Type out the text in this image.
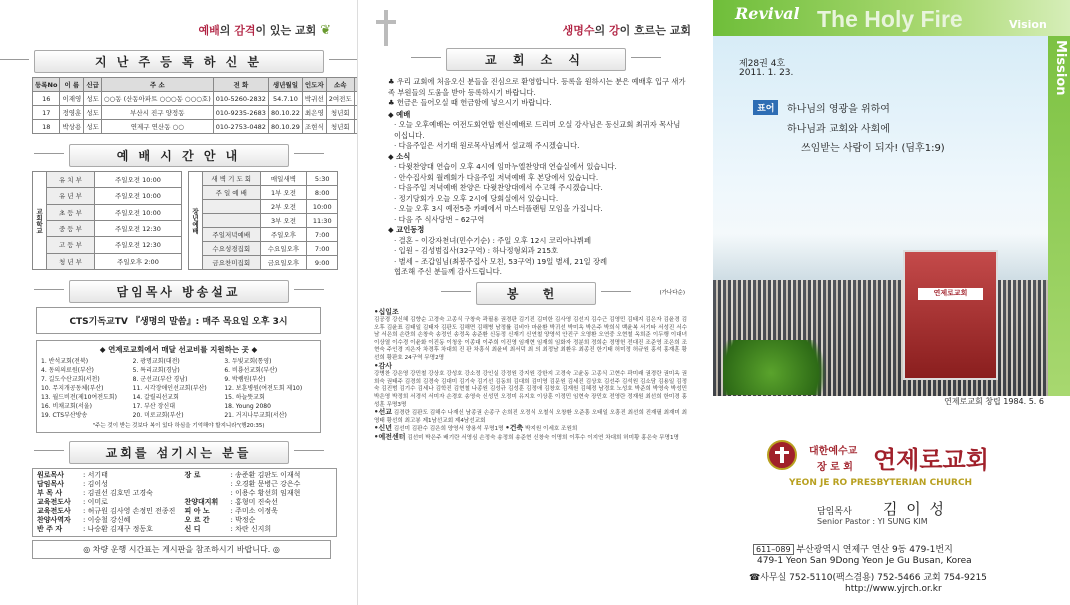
예배의 감격이 있는 교회 ❦
지 난 주 등 록 하 신 분
등록No	이 름	신급	주 소	전 화	생년월일	인도자	소속	
16	이재영	성도	○○동 (산동아파트 ○○○동 ○○○호)	010-5260-2832	54.7.10	박귀선	2여전도	
17	정영훈	성도	부산시 진구 양정동	010-9235-2683	80.10.22	최은영	청년회	
18	박상용	성도	연제구 연산동 ○○	010-2753-0482	80.10.29	조현식	청년회	
예 배 시 간 안 내
교회학교	유 치 부	주일오전 10:00
	유 년 부	주일오전 10:00
	초 등 부	주일오전 10:00
	중 등 부	주일오전 12:30
	고 등 부	주일오전 12:30
	청 년 부	주일오후 2:00
장년예배	새 벽 기 도 회	매일새벽	5:30
	주 일 예 배	1부 오전	8:00
		2부 오전	10:00
		3부 오전	11:30
	주일저녁예배	주일오후	7:00
	수요성경집회	수요일오후	7:00
	금요찬미집회	금요일오후	9:00
담임목사 방송설교
CTS기독교TV 『생명의 말씀』: 매주 목요일 오후 3시
◆ 연제로교회에서 매달 선교비를 지원하는 곳 ◆
1. 반석교회(전북)	2. 광명교회(대전)	3. 두빛교회(통영)
4. 동의의료원(부산)	5. 특리교회(경남)	6. 비룡선교회(부산)
7. 길도수산교회(서천)	8. 군선교(부산 경남)	9. 박쌤원(부산)
10. 무지개공동체(부산)	11. 시각장애인선교회(부산)	12. 보훈병원(여전도회 제10)
13. 월드비전(제10여전도회)	14. 갈릴리선교회	15. 하늘뜻교회
16. 비채교회(서울)	17. 부산 장신대	18. Young 2080
19. CTS부산방송	20. 미로교회(부산)	21. 거지나무교회(서산)
"주는 것이 받는 것보다 복이 있다 하심을 기억해야 할지니라"(행20:35)
교회를 섬기시는 분들
원로목사	: 서기태
담임목사	: 김이성
부 목 사	: 김권선 김호민 고경숙
교육전도사 : 이미로
교육전도사 : 허규원 김사영 손정민 전종진
찬양사역자 : 이승철 강신혜
반 주 자	: 나승환 김재구 정동호
장 로	: 송준환 김판도 이재석
: 오경환 문병근 강은수
: 이용수 황선희 임재현
찬양대지휘 : 홍형미 진숙선
피 아 노	: 주미소 이정욱
오 르 간	: 박정순
신 디	: 차란 신지희
◎ 차량 운행 시간표는 게시판을 참조하시기 바랍니다. ◎
생명수의 강이 흐르는 교회
교 회 소 식
♣ 우리 교회에 처음오신 분들을 진심으로 환영합니다. 등록을 원하시는 분은 예배후 입구 새가족 부원들의 도움을 받아 등록하시기 바랍니다.
♣ 헌금은 들어오실 때 헌금함에 넣으시기 바랍니다.
◆ 예배
· 오늘 오후예배는 여전도회연합 헌신예배로 드리며 오실 강사님은 동신교회 최귀자 목사님이십니다.
· 다음주일은 서기태 원로목사님께서 설교해 주시겠습니다.
◆ 소식
· 다윗찬양대 연습이 오후 4시에 임마누엘찬양대 연습실에서 있습니다.
· 안수집사회 월례회가 다음주일 저녁예배 후 본당에서 있습니다.
· 다음주일 저녁예배 찬양은 다윗찬양대에서 수고해 주시겠습니다.
· 정기당회가 오늘 오후 2시에 당회실에서 있습니다.
· 오늘 오후 3시 예전5층 카페에서 마스터플랜팀 모임을 가집니다.
· 다음 주 식사당번 – 62구역
◆ 교인동정
· 결혼 – 이강자천녀(민수기순) : 주일 오후 12시 코리아나뷔페
· 입원 – 김성범집사(32구역) : 하나정형외과 215호
· 별세 – 조갑임님(최봉주집사 모친, 53구역) 19일 별세, 21일 장례
협조해 주신 분들께 감사드립니다.
봉 헌	(가나다순)
•십일조
김공경 강신혜 김향순 고경숙 고종식 구창숙 곽필용 권경판 김기진 김미한 김사영 김선지 김수근 김영민 김태지 김은자 김윤경 김오후 김윤표 김태일 김태자 김판도 김해면 김해병 남정률 김비아 마윤환 박귀선 박미옥 박은주 박희식 백윤복 서기타 서성진 서수남 서은희 손란희 손창숙 송정인 송정옥 송준환 신동정 신재기 신연철 양영석 안진구 오영환 오연중 오현철 옥희준 이두행 이대녀 이상열 이수경 이윤화 이진동 이청웅 이종대 이주희 이진영 임재현 임재희 임화자 정분희 정희순 정명헌 전대진 조준영 조은희 조현숙 주인경 지은자 차경후 차대희 진 판 차흥식 최윤비 최서덕 최 의 최정남 최환우 최종진 한기태 허미정 허규원 홍석 홍재훈 황선희 황판호 24구역 무명2명
•감사
강병찬 강은영 강민철 강상호 강성호 강소정 강인실 강정원 강지원 강한지 고경숙 고윤동 고종식 고현수 곽미래 권경란 권미옥 권희숙 권태주 김경희 김경숙 김대미 김기숙 김기선 김동희 김대희 김미영 김문원 김세진 김상호 김선주 김석원 김소담 김용일 김정숙 김진범 김기수 김세나 김학진 김현철 나종원 김성규 김성훈 김정애 김창호 김재원 김혜정 남경호 노성호 박준희 박영숙 박성민 박은영 박정희 서경석 서미자 손경호 송영숙 신성민 오정미 유지호 이상훈 이정민 임현숙 장민호 전영란 정재원 최선희 한미경 홍성훈 무명3명
•선교 김경란 김판도 김해수 나재신 남종권 손종구 손희진 오정식 오철식 오창환 오준흥 오태일 오흥진 최선희 진재필 최재미 최영태 황선희 최고봉 제1남선교회 제4남선교회
•신년 김선미 김판수 김은희 양영서 양용석 무명1명 •건축 박지원 이세호 조원희
•예전센터 김선미 박은주 배기란 서영심 손정숙 송정희 송준현 신창숙 이명희 이후수 이지연 차대희 허미황 홍은숙 무명1명
Revival The Holy Fire	Vision
Mission
연제로교회
제28권 4호
2011. 1. 23.
표어	하나님의 영광을 위하여
하나님과 교회와 사회에
쓰임받는 사람이 되자! (딤후1:9)
연제로교회 창립 1984. 5. 6
대한예수교
장 로 회 연제로교회
YEON JE RO PRESBYTERIAN CHURCH
담임목사 김 이 성
Senior Pastor : YI SUNG KIM
611–089 부산광역시 연제구 연산 9동 479-1번지
479-1 Yeon San 9Dong Yeon Je Gu Busan, Korea
☎사무실 752-5110(팩스겸용) 752-5466 교회 754-9215
http://www.yjrch.or.kr
